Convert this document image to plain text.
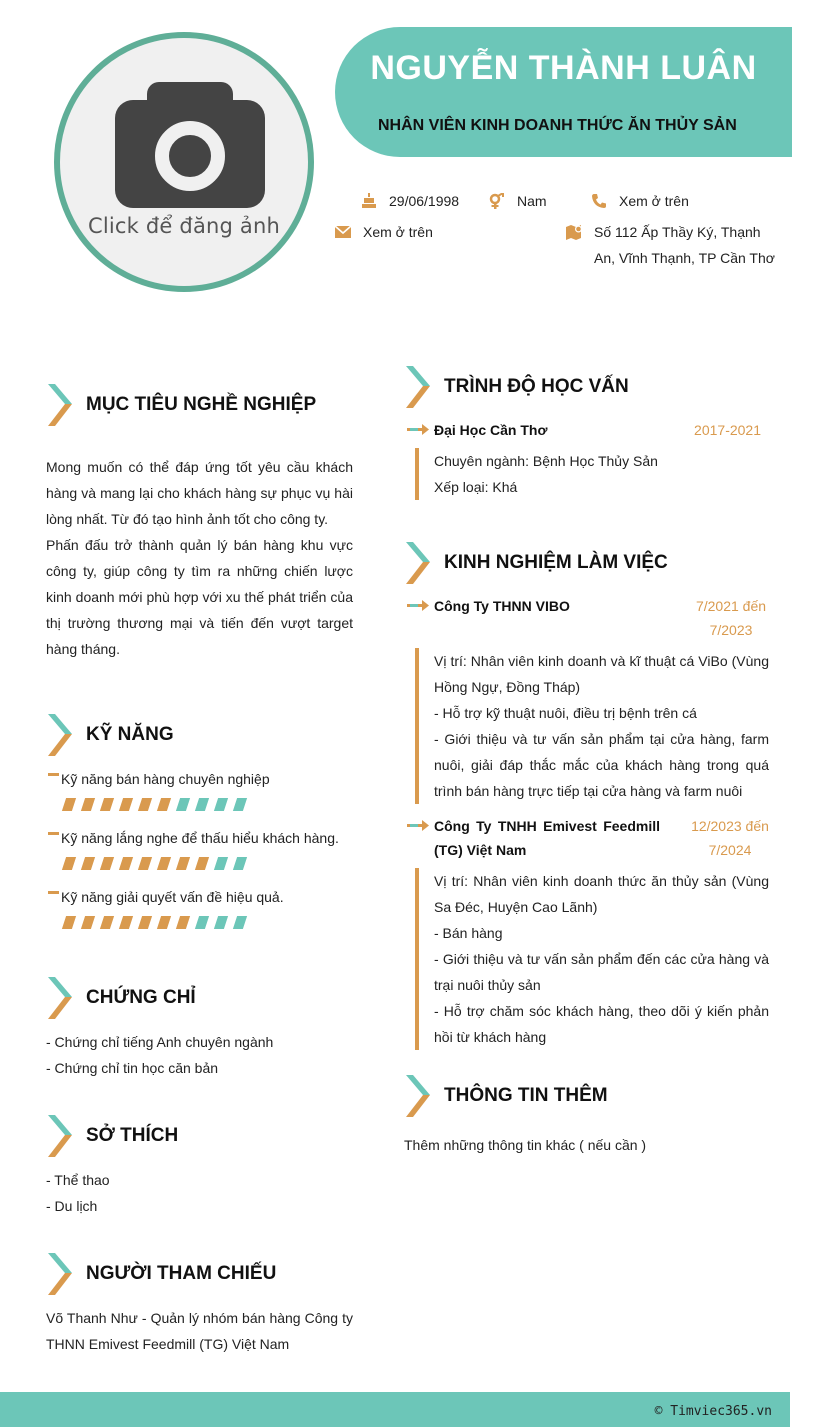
Click để đăng ảnh
NGUYỄN THÀNH LUÂN
NHÂN VIÊN KINH DOANH THỨC ĂN THỦY SẢN
29/06/1998	Nam	Xem ở trên
Xem ở trên	Số 112 Ấp Thầy Ký, Thạnh An, Vĩnh Thạnh, TP Cần Thơ
MỤC TIÊU NGHỀ NGHIỆP

Mong muốn có thể đáp ứng tốt yêu cầu khách hàng và mang lại cho khách hàng sự phục vụ hài lòng nhất. Từ đó tạo hình ảnh tốt cho công ty.

Phấn đấu trở thành quản lý bán hàng khu vực công ty, giúp công ty tìm ra những chiến lược kinh doanh mới phù hợp với xu thế phát triển của thị trường thương mại và tiến đến vượt target hàng tháng.

KỸ NĂNG
Kỹ năng bán hàng chuyên nghiệp
Kỹ năng lắng nghe để thấu hiểu khách hàng.
Kỹ năng giải quyết vấn đề hiệu quả.
CHỨNG CHỈ
- Chứng chỉ tiếng Anh chuyên ngành
- Chứng chỉ tin học căn bản
SỞ THÍCH
- Thể thao
- Du lịch
NGƯỜI THAM CHIẾU
Võ Thanh Như - Quản lý nhóm bán hàng Công ty THNN Emivest Feedmill (TG) Việt Nam
TRÌNH ĐỘ HỌC VẤN
Đại Học Cần Thơ	2017-2021

Chuyên ngành: Bệnh Học Thủy Sản

Xếp loại: Khá

KINH NGHIỆM LÀM VIỆC
Công Ty THNN VIBO	7/2021 đến 7/2023

Vị trí: Nhân viên kinh doanh và kĩ thuật cá ViBo (Vùng Hồng Ngự, Đồng Tháp)

- Hỗ trợ kỹ thuật nuôi, điều trị bệnh trên cá

- Giới thiệu và tư vấn sản phẩm tại cửa hàng, farm nuôi, giải đáp thắc mắc của khách hàng trong quá trình bán hàng trực tiếp tại cửa hàng và farm nuôi

Công Ty TNHH Emivest Feedmill (TG) Việt Nam
12/2023 đến 7/2024

Vị trí: Nhân viên kinh doanh thức ăn thủy sản (Vùng Sa Đéc, Huyện Cao Lãnh)

- Bán hàng

- Giới thiệu và tư vấn sản phẩm đến các cửa hàng và trại nuôi thủy sản

- Hỗ trợ chăm sóc khách hàng, theo dõi ý kiến phản hồi từ khách hàng

THÔNG TIN THÊM
Thêm những thông tin khác ( nếu cần )
© Timviec365.vn
